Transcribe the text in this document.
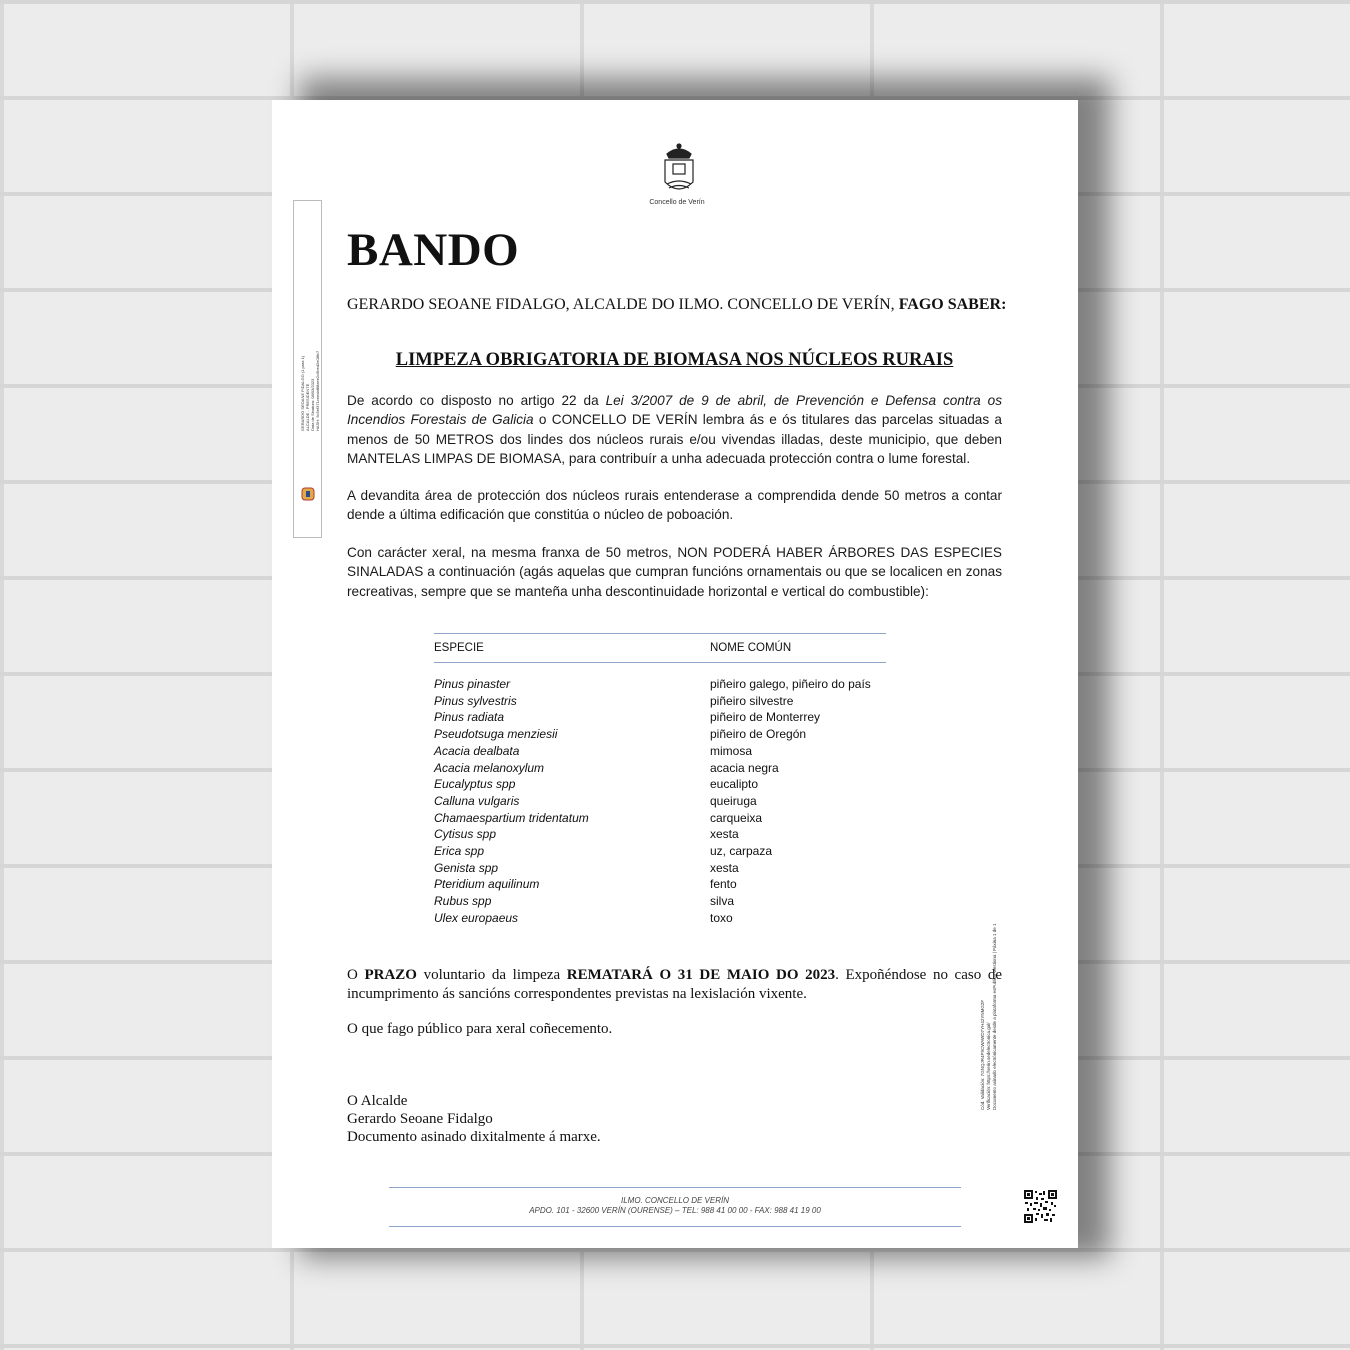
Concello de Verín
GERARDO SEOANE FIDALGO (1 para 1) ALCALDE - PRESIDENTE Data de Sinatura: 08/03/2023 HASH: 5c5ef371ceedaf88aee2c6bed2e08fc7
BANDO
GERARDO SEOANE FIDALGO, ALCALDE DO ILMO. CONCELLO DE VERÍN, FAGO SABER:
LIMPEZA OBRIGATORIA DE BIOMASA NOS NÚCLEOS RURAIS
De acordo co disposto no artigo 22 da Lei 3/2007 de 9 de abril, de Prevención e Defensa contra os Incendios Forestais de Galicia o CONCELLO DE VERÍN lembra ás e ós titulares das parcelas situadas a menos de 50 METROS dos lindes dos núcleos rurais e/ou vivendas illadas, deste municipio, que deben MANTELAS LIMPAS DE BIOMASA, para contribuír a unha adecuada protección contra o lume forestal.
A devandita área de protección dos núcleos rurais entenderase a comprendida dende 50 metros a contar dende a última edificación que constitúa o núcleo de poboación.
Con carácter xeral, na mesma franxa de 50 metros, NON PODERÁ HABER ÁRBORES DAS ESPECIES SINALADAS a continuación (agás aquelas que cumpran funcións ornamentais ou que se localicen en zonas recreativas, sempre que se manteña unha descontinuidade horizontal e vertical do combustible):
ESPECIE	NOME COMÚN
Pinus pinaster	piñeiro galego, piñeiro do país
Pinus sylvestris	piñeiro silvestre
Pinus radiata	piñeiro de Monterrey
Pseudotsuga menziesii	piñeiro de Oregón
Acacia dealbata	mimosa
Acacia melanoxylum	acacia negra
Eucalyptus spp	eucalipto
Calluna vulgaris	queiruga
Chamaespartium tridentatum	carqueixa
Cytisus spp	xesta
Erica spp	uz, carpaza
Genista spp	xesta
Pteridium aquilinum	fento
Rubus spp	silva
Ulex europaeus	toxo
O PRAZO voluntario da limpeza REMATARÁ O 31 DE MAIO DO 2023. Expoñéndose no caso de incumprimento ás sancións correspondentes previstas na lexislación vixente.
O que fago público para xeral coñecemento.
O Alcalde
Gerardo Seoane Fidalgo
Documento asinado dixitalmente á marxe.
ILMO. CONCELLO DE VERÍN
APDO. 101 - 32600 VERÍN (OURENSE) – TEL: 988 41 00 00 - FAX: 988 41 19 00
Cód. Validación: 7GNQJR4P9CWAWD7YH42YNMG2F Verificación: https://verin.sedelectronica.gal/ Documento asinado electrónicamente desde a plataforma esPublico Gestiona | Páxina 1 de 1
